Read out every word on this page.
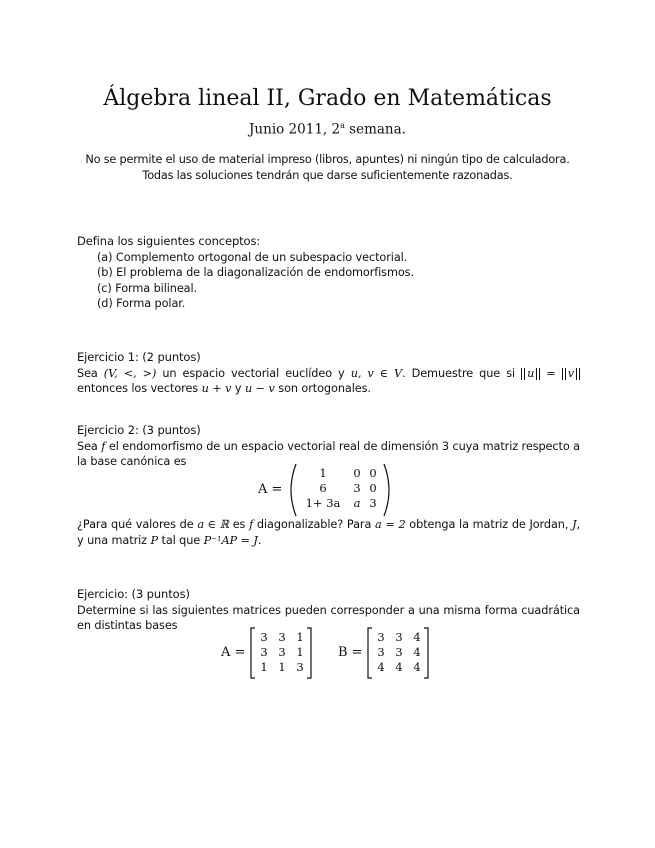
Álgebra lineal II, Grado en Matemáticas
Junio 2011, 2$^a$ semana.
No se permite el uso de material impreso (libros, apuntes) ni ningún tipo de calculadora.
Todas las soluciones tendrán que darse suficientemente razonadas.
Defina los siguientes conceptos:
(a) Complemento ortogonal de un subespacio vectorial.
(b) El problema de la diagonalización de endomorfismos.
(c) Forma bilineal.
(d) Forma polar.
Ejercicio 1: (2 puntos)
Sea (V, <, >) un espacio vectorial euclídeo y u, v ∈ V. Demuestre que si u = v entonces los vectores u + v y u − v son ortogonales.
Ejercicio 2: (3 puntos)
Sea f el endomorfismo de un espacio vectorial real de dimensión 3 cuya matriz respecto a la base canónica es
A =
1	0 0
6	3 0
1+ 3a	a 3
¿Para qué valores de a ∈ ℝ es f diagonalizable? Para a = 2 obtenga la matriz de Jordan, J, y una matriz P tal que P⁻¹AP = J.
Ejercicio: (3 puntos)
Determine si las siguientes matrices pueden corresponder a una misma forma cuadrática en distintas bases
A =
3 3 1
3 3 1
1 1 3
B =
3 3 4
3 3 4
4 4 4
